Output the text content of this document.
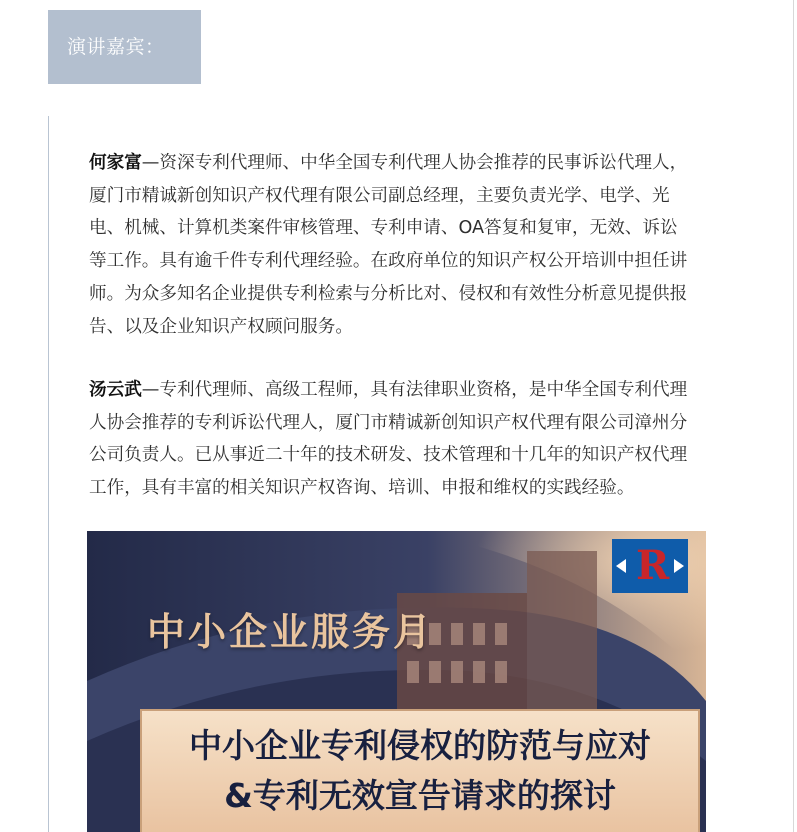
演讲嘉宾：

何家富—资深专利代理师、中华全国专利代理人协会推荐的民事诉讼代理人，厦门市精诚新创知识产权代理有限公司副总经理，主要负责光学、电学、光电、机械、计算机类案件审核管理、专利申请、OA答复和复审，无效、诉讼等工作。具有逾千件专利代理经验。在政府单位的知识产权公开培训中担任讲师。为众多知名企业提供专利检索与分析比对、侵权和有效性分析意见提供报告、以及企业知识产权顾问服务。

汤云武—专利代理师、高级工程师，具有法律职业资格，是中华全国专利代理人协会推荐的专利诉讼代理人，厦门市精诚新创知识产权代理有限公司漳州分公司负责人。已从事近二十年的技术研发、技术管理和十几年的知识产权代理工作，具有丰富的相关知识产权咨询、培训、申报和维权的实践经验。

中小企业服务月
R
中小企业专利侵权的防范与应对
&专利无效宣告请求的探讨
